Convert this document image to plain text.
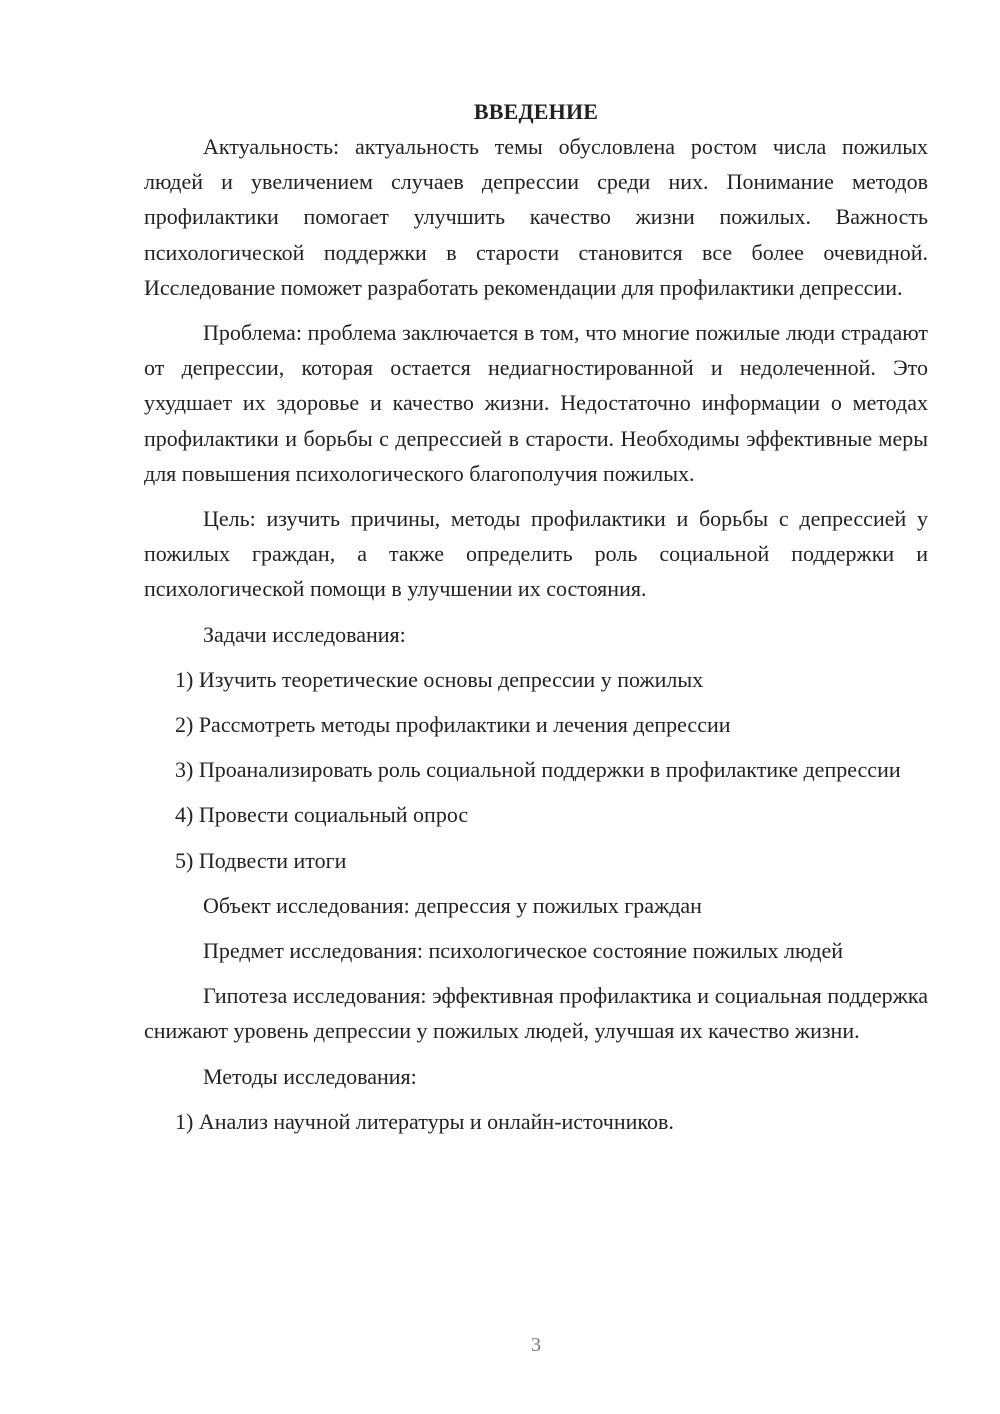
ВВЕДЕНИЕ

Актуальность: актуальность темы обусловлена ростом числа пожилых людей и увеличением случаев депрессии среди них. Понимание методов профилактики помогает улучшить качество жизни пожилых. Важность психологической поддержки в старости становится все более очевидной. Исследование поможет разработать рекомендации для профилактики депрессии.

Проблема: проблема заключается в том, что многие пожилые люди страдают от депрессии, которая остается недиагностированной и недолеченной. Это ухудшает их здоровье и качество жизни. Недостаточно информации о методах профилактики и борьбы с депрессией в старости. Необходимы эффективные меры для повышения психологического благополучия пожилых.

Цель: изучить причины, методы профилактики и борьбы с депрессией у пожилых граждан, а также определить роль социальной поддержки и психологической помощи в улучшении их состояния.

Задачи исследования:

1) Изучить теоретические основы депрессии у пожилых

2) Рассмотреть методы профилактики и лечения депрессии

3) Проанализировать роль социальной поддержки в профилактике депрессии

4) Провести социальный опрос

5) Подвести итоги

Объект исследования: депрессия у пожилых граждан

Предмет исследования: психологическое состояние пожилых людей

Гипотеза исследования: эффективная профилактика и социальная поддержка снижают уровень депрессии у пожилых людей, улучшая их качество жизни.

Методы исследования:

1) Анализ научной литературы и онлайн-источников.

3
